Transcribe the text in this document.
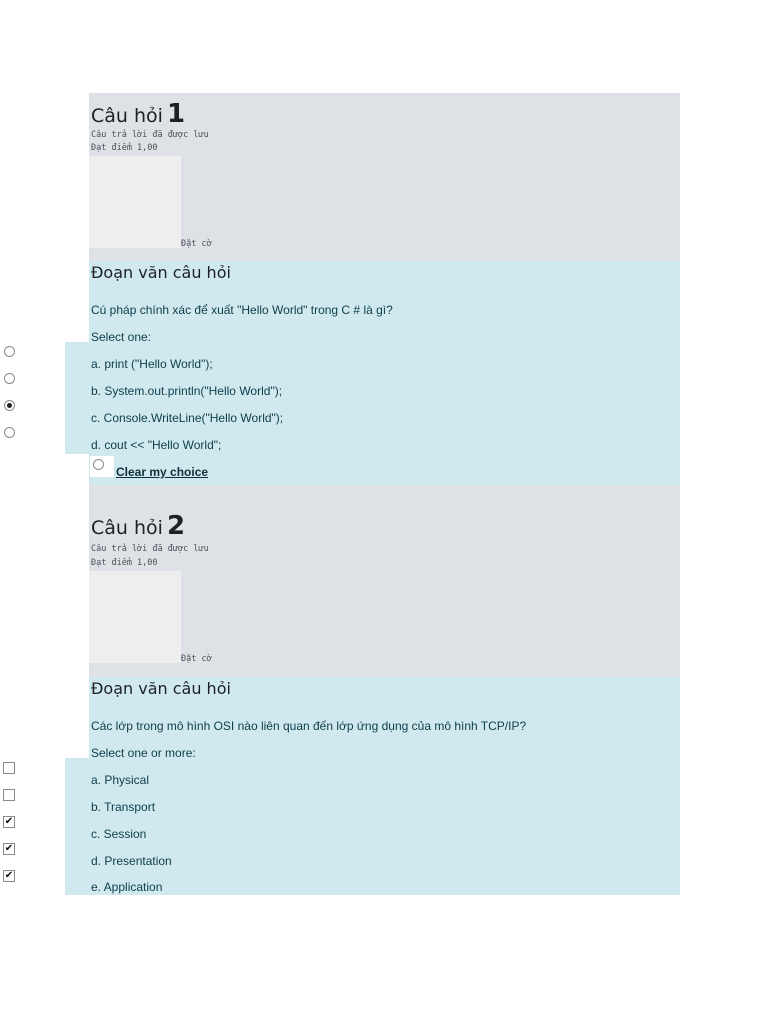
Câu hỏi 1
Câu trả lời đã được lưu
Đạt điểm 1,00
Đặt cờ
Đoạn văn câu hỏi
Cú pháp chính xác để xuất "Hello World" trong C # là gì?
Select one:
a. print ("Hello World");
b. System.out.println("Hello World");
c. Console.WriteLine("Hello World");
d. cout << "Hello World";
Clear my choice
Câu hỏi 2
Câu trả lời đã được lưu
Đạt điểm 1,00
Đặt cờ
Đoạn văn câu hỏi
Các lớp trong mô hình OSI nào liên quan đến lớp ứng dụng của mô hình TCP/IP?
Select one or more:
a. Physical
b. Transport
c. Session
d. Presentation
e. Application
✔
✔
✔
